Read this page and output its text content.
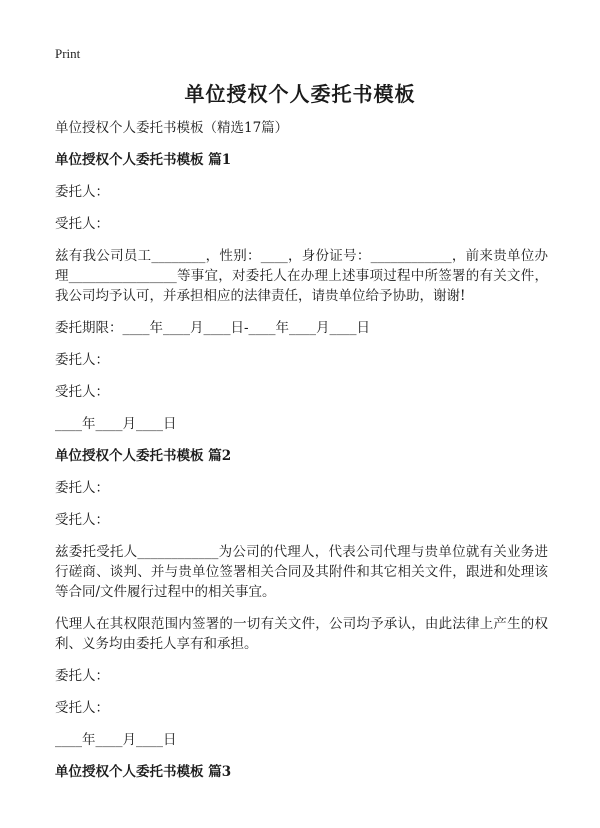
Print
单位授权个人委托书模板

单位授权个人委托书模板（精选17篇）

单位授权个人委托书模板 篇1

委托人：

受托人：

兹有我公司员工________，性别：____，身份证号：____________，前来贵单位办理________________等事宜，对委托人在办理上述事项过程中所签署的有关文件，我公司均予认可，并承担相应的法律责任，请贵单位给予协助，谢谢!

委托期限：____年____月____日-____年____月____日

委托人：

受托人：

____年____月____日

单位授权个人委托书模板 篇2

委托人：

受托人：

兹委托受托人____________为公司的代理人，代表公司代理与贵单位就有关业务进行磋商、谈判、并与贵单位签署相关合同及其附件和其它相关文件，跟进和处理该等合同/文件履行过程中的相关事宜。

代理人在其权限范围内签署的一切有关文件，公司均予承认，由此法律上产生的权利、义务均由委托人享有和承担。

委托人：

受托人：

____年____月____日

单位授权个人委托书模板 篇3
